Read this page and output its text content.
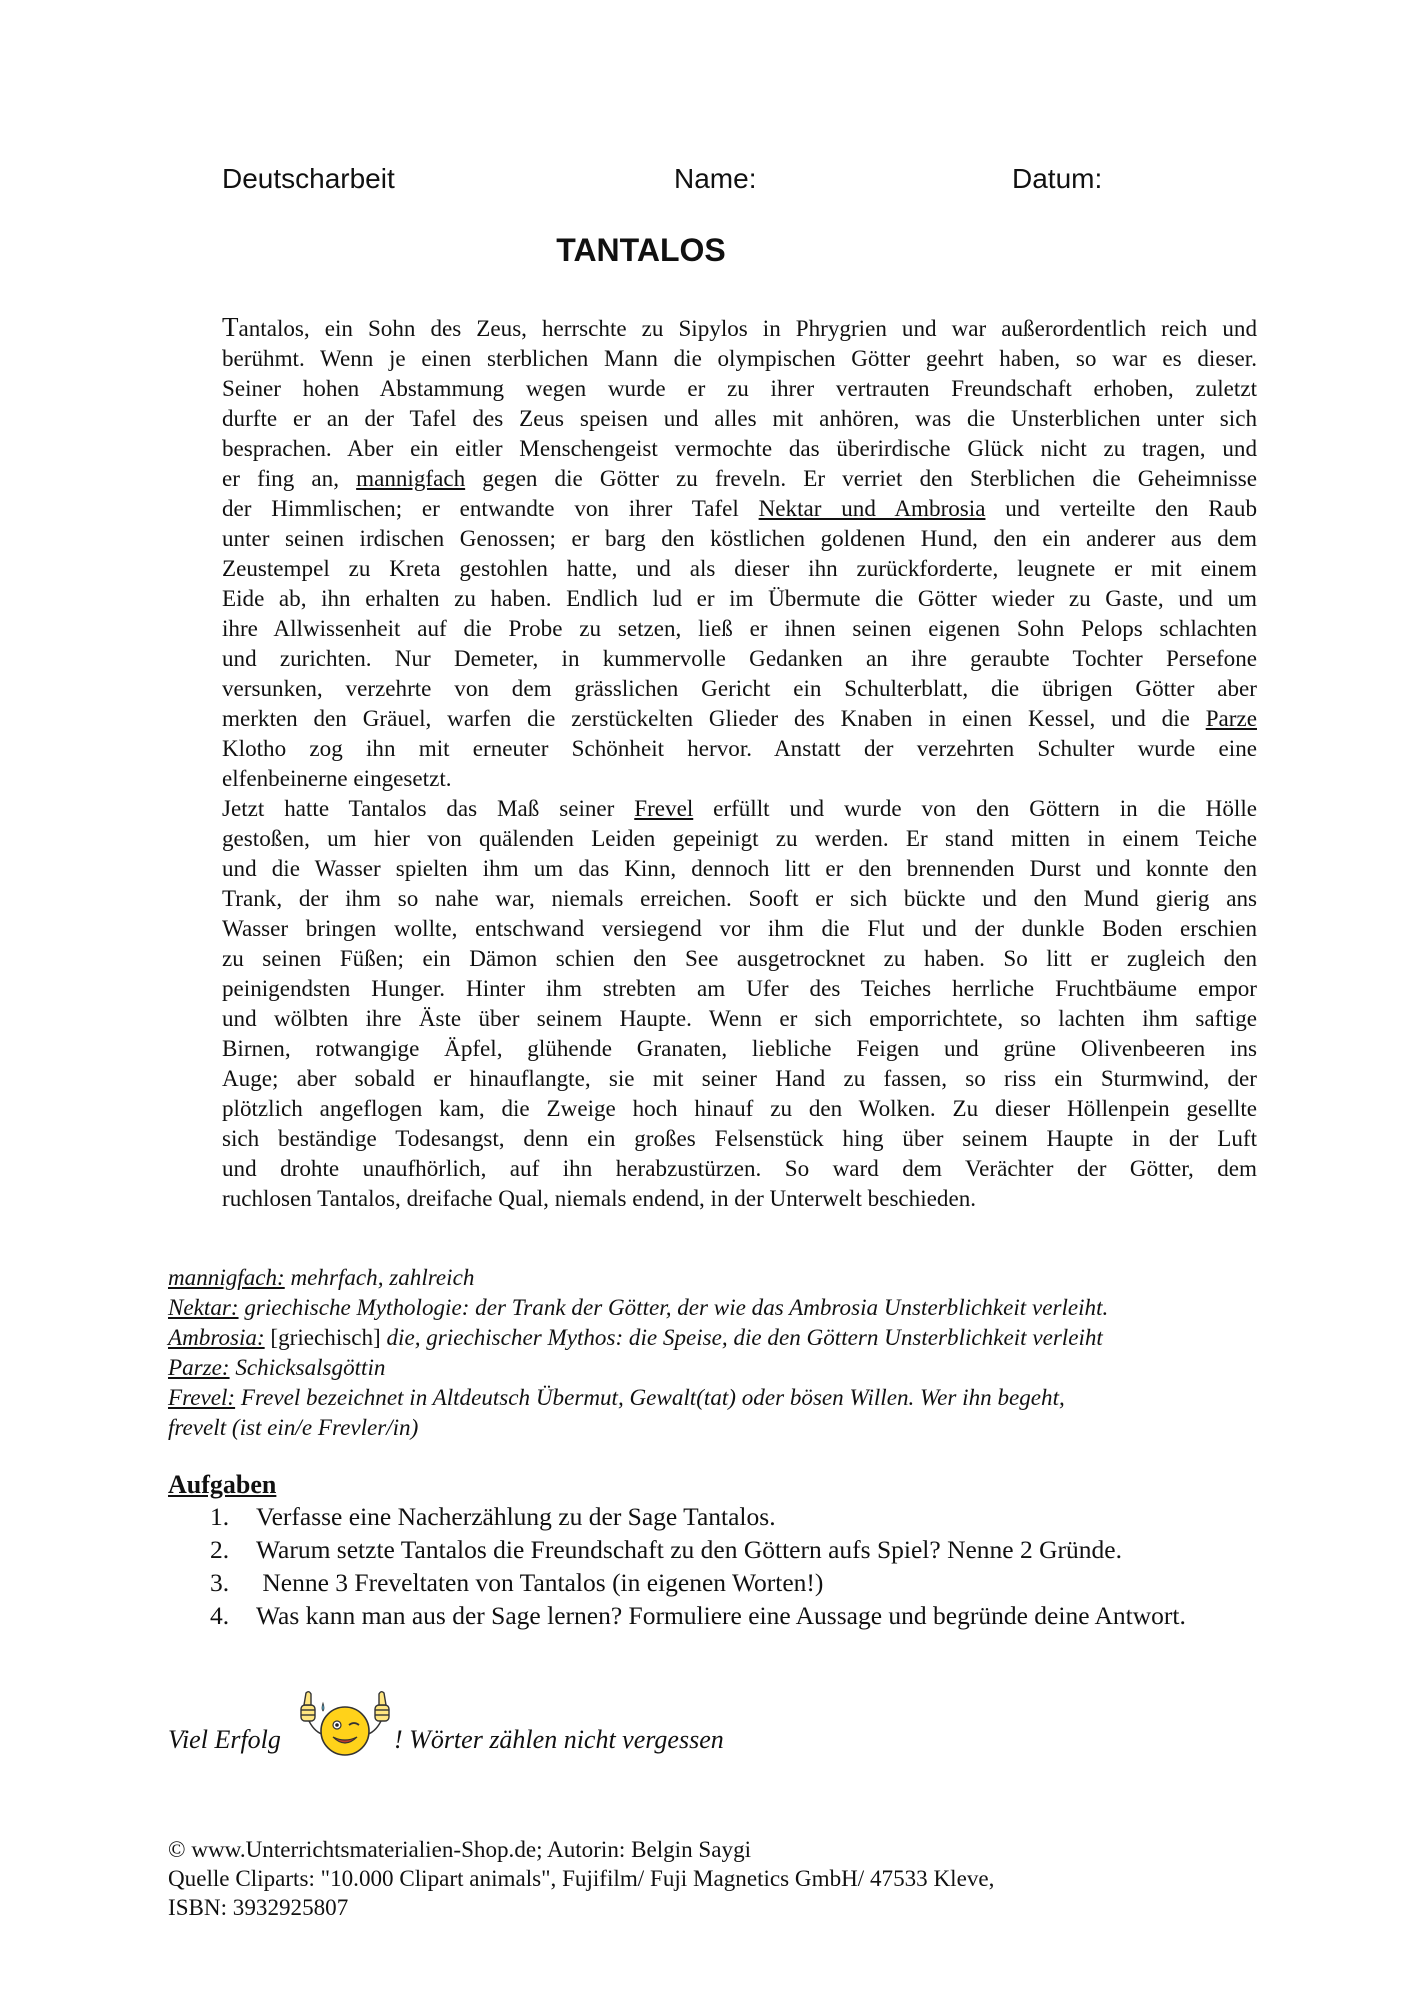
Deutscharbeit	Name:	Datum:
TANTALOS
Tantalos, ein Sohn des Zeus, herrschte zu Sipylos in Phrygrien und war außerordentlich reich und
berühmt. Wenn je einen sterblichen Mann die olympischen Götter geehrt haben, so war es dieser.
Seiner hohen Abstammung wegen wurde er zu ihrer vertrauten Freundschaft erhoben, zuletzt
durfte er an der Tafel des Zeus speisen und alles mit anhören, was die Unsterblichen unter sich
besprachen. Aber ein eitler Menschengeist vermochte das überirdische Glück nicht zu tragen, und
er fing an, mannigfach gegen die Götter zu freveln. Er verriet den Sterblichen die Geheimnisse
der Himmlischen; er entwandte von ihrer Tafel Nektar und Ambrosia und verteilte den Raub
unter seinen irdischen Genossen; er barg den köstlichen goldenen Hund, den ein anderer aus dem
Zeustempel zu Kreta gestohlen hatte, und als dieser ihn zurückforderte, leugnete er mit einem
Eide ab, ihn erhalten zu haben. Endlich lud er im Übermute die Götter wieder zu Gaste, und um
ihre Allwissenheit auf die Probe zu setzen, ließ er ihnen seinen eigenen Sohn Pelops schlachten
und zurichten. Nur Demeter, in kummervolle Gedanken an ihre geraubte Tochter Persefone
versunken, verzehrte von dem grässlichen Gericht ein Schulterblatt, die übrigen Götter aber
merkten den Gräuel, warfen die zerstückelten Glieder des Knaben in einen Kessel, und die Parze
Klotho zog ihn mit erneuter Schönheit hervor. Anstatt der verzehrten Schulter wurde eine
elfenbeinerne eingesetzt.
Jetzt hatte Tantalos das Maß seiner Frevel erfüllt und wurde von den Göttern in die Hölle
gestoßen, um hier von quälenden Leiden gepeinigt zu werden. Er stand mitten in einem Teiche
und die Wasser spielten ihm um das Kinn, dennoch litt er den brennenden Durst und konnte den
Trank, der ihm so nahe war, niemals erreichen. Sooft er sich bückte und den Mund gierig ans
Wasser bringen wollte, entschwand versiegend vor ihm die Flut und der dunkle Boden erschien
zu seinen Füßen; ein Dämon schien den See ausgetrocknet zu haben. So litt er zugleich den
peinigendsten Hunger. Hinter ihm strebten am Ufer des Teiches herrliche Fruchtbäume empor
und wölbten ihre Äste über seinem Haupte. Wenn er sich emporrichtete, so lachten ihm saftige
Birnen, rotwangige Äpfel, glühende Granaten, liebliche Feigen und grüne Olivenbeeren ins
Auge; aber sobald er hinauflangte, sie mit seiner Hand zu fassen, so riss ein Sturmwind, der
plötzlich angeflogen kam, die Zweige hoch hinauf zu den Wolken. Zu dieser Höllenpein gesellte
sich beständige Todesangst, denn ein großes Felsenstück hing über seinem Haupte in der Luft
und drohte unaufhörlich, auf ihn herabzustürzen. So ward dem Verächter der Götter, dem
ruchlosen Tantalos, dreifache Qual, niemals endend, in der Unterwelt beschieden.
mannigfach: mehrfach, zahlreich
Nektar: griechische Mythologie: der Trank der Götter, der wie das Ambrosia Unsterblichkeit verleiht.
Ambrosia: [griechisch] die, griechischer Mythos: die Speise, die den Göttern Unsterblichkeit verleiht
Parze: Schicksalsgöttin
Frevel: Frevel bezeichnet in Altdeutsch Übermut, Gewalt(tat) oder bösen Willen. Wer ihn begeht,
frevelt (ist ein/e Frevler/in)
Aufgaben
1. Verfasse eine Nacherzählung zu der Sage Tantalos.
2. Warum setzte Tantalos die Freundschaft zu den Göttern aufs Spiel? Nenne 2 Gründe.
3. Nenne 3 Freveltaten von Tantalos (in eigenen Worten!)
4. Was kann man aus der Sage lernen? Formuliere eine Aussage und begründe deine Antwort.
Viel Erfolg	! Wörter zählen nicht vergessen
© www.Unterrichtsmaterialien-Shop.de; Autorin: Belgin Saygi
Quelle Cliparts: "10.000 Clipart animals", Fujifilm/ Fuji Magnetics GmbH/ 47533 Kleve,
ISBN: 3932925807
